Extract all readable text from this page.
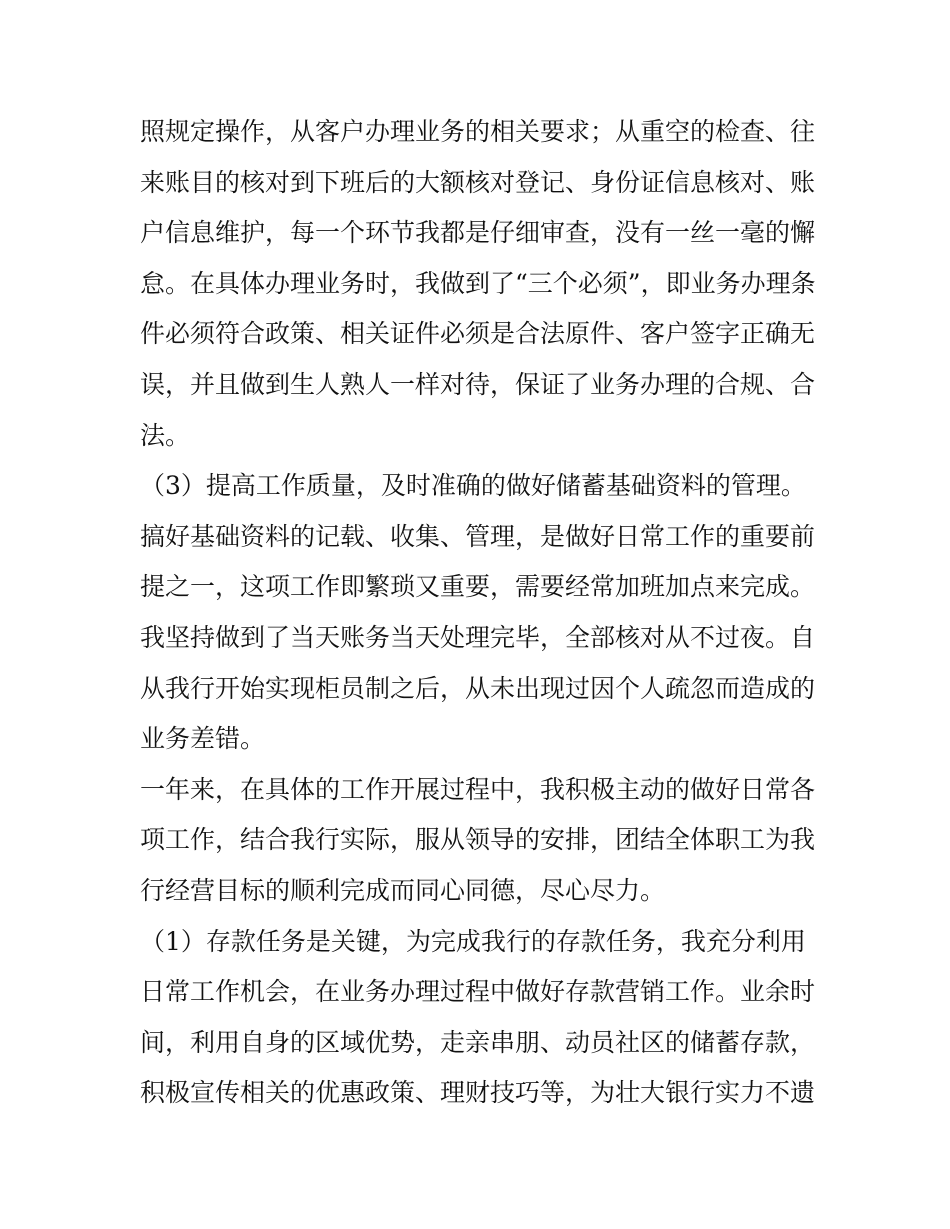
照规定操作，从客户办理业务的相关要求；从重空的检查、往
来账目的核对到下班后的大额核对登记、身份证信息核对、账
户信息维护，每一个环节我都是仔细审查，没有一丝一毫的懈
怠。在具体办理业务时，我做到了“三个必须”，即业务办理条
件必须符合政策、相关证件必须是合法原件、客户签字正确无
误，并且做到生人熟人一样对待，保证了业务办理的合规、合
法。
（3）提高工作质量，及时准确的做好储蓄基础资料的管理。
搞好基础资料的记载、收集、管理，是做好日常工作的重要前
提之一，这项工作即繁琐又重要，需要经常加班加点来完成。
我坚持做到了当天账务当天处理完毕，全部核对从不过夜。自
从我行开始实现柜员制之后，从未出现过因个人疏忽而造成的
业务差错。
一年来，在具体的工作开展过程中，我积极主动的做好日常各
项工作，结合我行实际，服从领导的安排，团结全体职工为我
行经营目标的顺利完成而同心同德，尽心尽力。
（1）存款任务是关键，为完成我行的存款任务，我充分利用
日常工作机会，在业务办理过程中做好存款营销工作。业余时
间，利用自身的区域优势，走亲串朋、动员社区的储蓄存款，
积极宣传相关的优惠政策、理财技巧等，为壮大银行实力不遗
